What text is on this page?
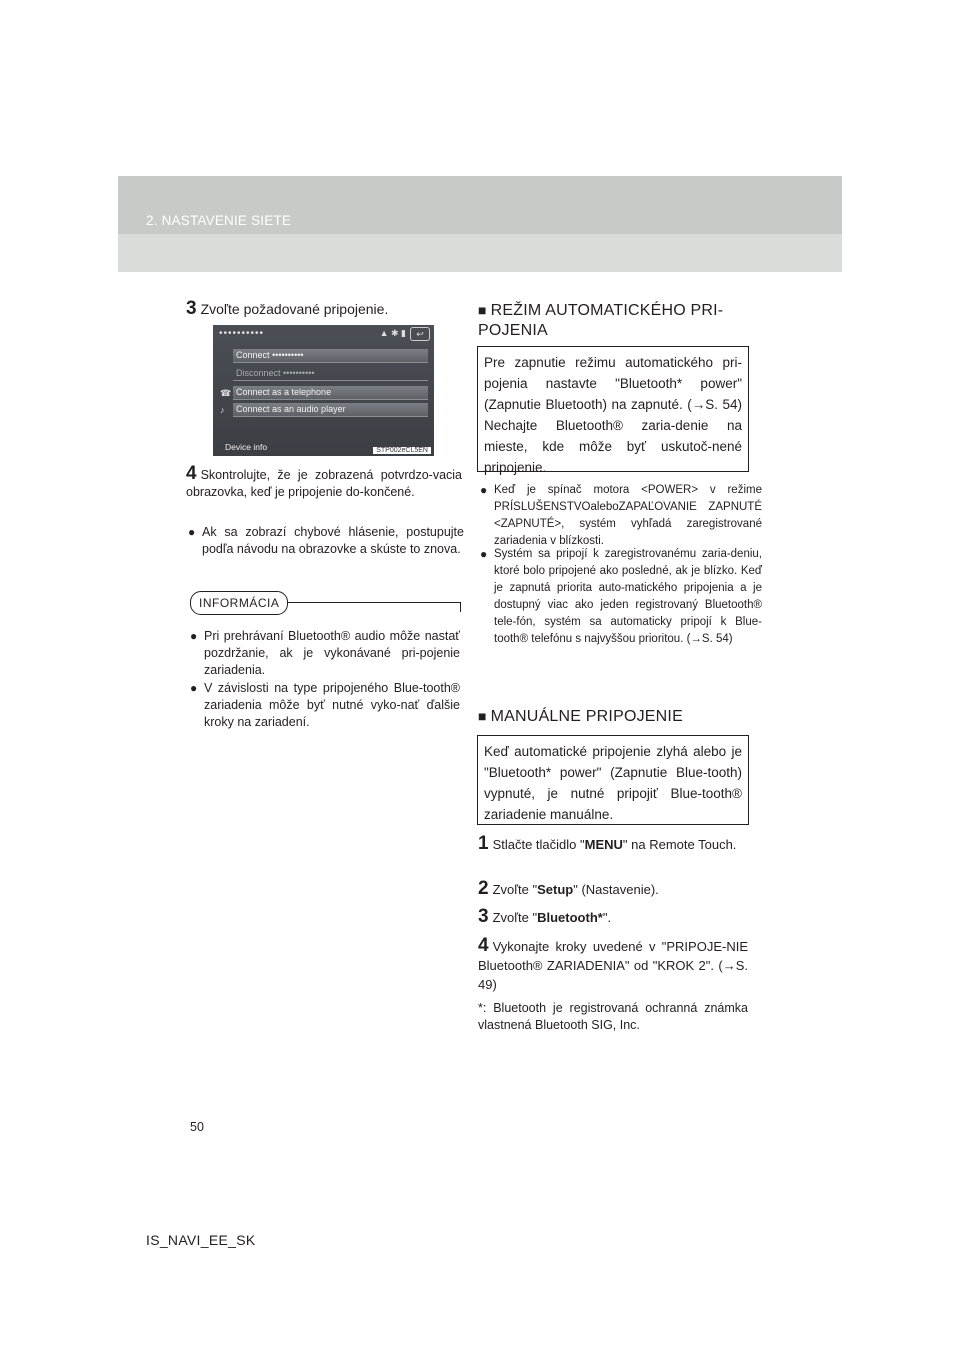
2. NASTAVENIE SIETE
3 Zvoľte požadované pripojenie.
••••••••••	▲ ✱ ▮	↩
Connect ••••••••••
Disconnect ••••••••••
☎ Connect as a telephone
♪	Connect as an audio player
Device info	STP002eCL5EN
4 Skontrolujte, že je zobrazená potvrdzo-vacia obrazovka, keď je pripojenie do-končené.
● Ak sa zobrazí chybové hlásenie, postupujte podľa návodu na obrazovke a skúste to znova.
INFORMÁCIA
● Pri prehrávaní Bluetooth® audio môže nastať pozdržanie, ak je vykonávané pri-pojenie zariadenia.
● V závislosti na type pripojeného Blue-tooth® zariadenia môže byť nutné vyko-nať ďalšie kroky na zariadení.
■ REŽIM AUTOMATICKÉHO PRI-POJENIA
Pre zapnutie režimu automatického pri-pojenia nastavte "Bluetooth* power" (Zapnutie Bluetooth) na zapnuté. (→S. 54) Nechajte Bluetooth® zaria-denie na mieste, kde môže byť uskutoč-nené pripojenie.
● Keď je spínač motora <POWER> v režime PRÍSLUŠENSTVOaleboZAPAĽOVANIE ZAPNUTÉ <ZAPNUTÉ>, systém vyhľadá zaregistrované zariadenia v blízkosti.
● Systém sa pripojí k zaregistrovanému zaria-deniu, ktoré bolo pripojené ako posledné, ak je blízko. Keď je zapnutá priorita auto-matického pripojenia a je dostupný viac ako jeden registrovaný Bluetooth® tele-fón, systém sa automaticky pripojí k Blue-tooth® telefónu s najvyššou prioritou. (→S. 54)
■ MANUÁLNE PRIPOJENIE
Keď automatické pripojenie zlyhá alebo je "Bluetooth* power" (Zapnutie Blue-tooth) vypnuté, je nutné pripojiť Blue-tooth® zariadenie manuálne.
1 Stlačte tlačidlo "MENU" na Remote Touch.
2 Zvoľte "Setup" (Nastavenie).
3 Zvoľte "Bluetooth*".
4 Vykonajte kroky uvedené v "PRIPOJE-NIE Bluetooth® ZARIADENIA" od "KROK 2". (→S. 49)
*: Bluetooth je registrovaná ochranná známka vlastnená Bluetooth SIG, Inc.
50
IS_NAVI_EE_SK
